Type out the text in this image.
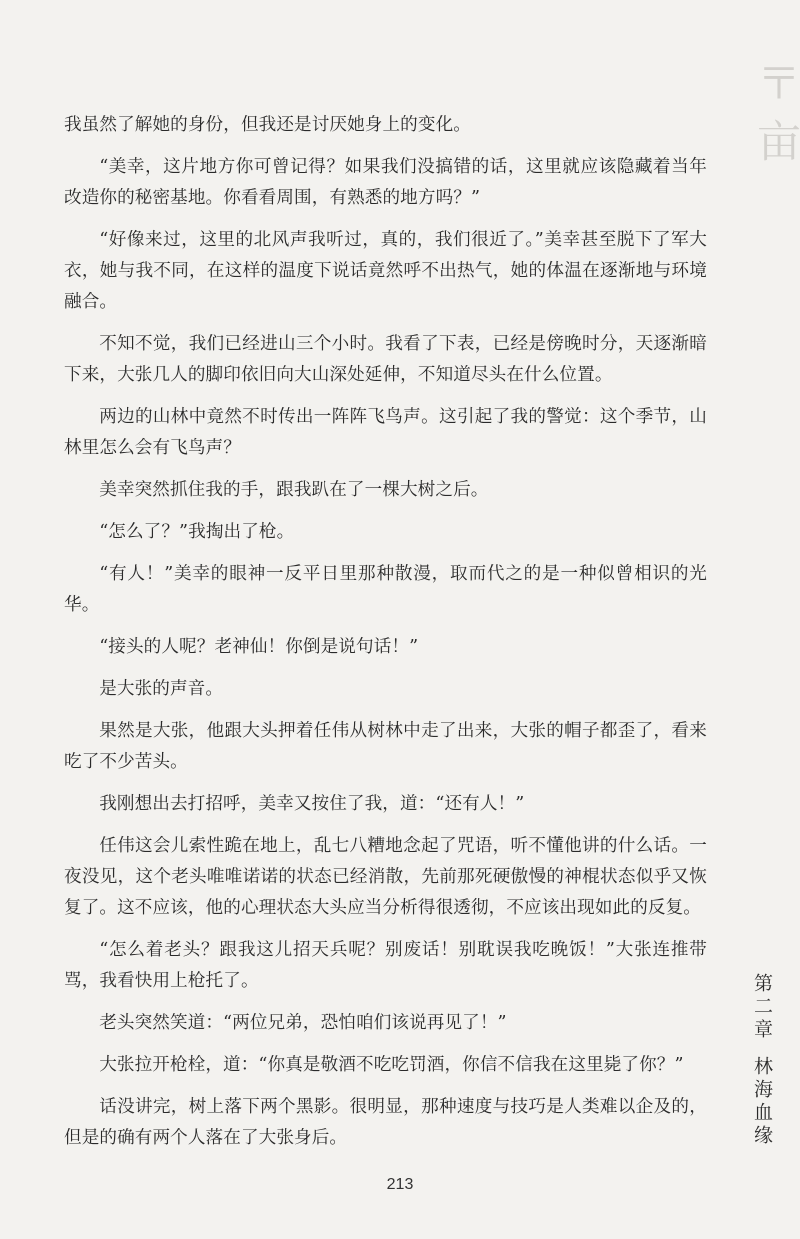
〒 亩

我虽然了解她的身份，但我还是讨厌她身上的变化。

“美幸，这片地方你可曾记得？如果我们没搞错的话，这里就应该隐藏着当年改造你的秘密基地。你看看周围，有熟悉的地方吗？”

“好像来过，这里的北风声我听过，真的，我们很近了。”美幸甚至脱下了军大衣，她与我不同，在这样的温度下说话竟然呼不出热气，她的体温在逐渐地与环境融合。

不知不觉，我们已经进山三个小时。我看了下表，已经是傍晚时分，天逐渐暗下来，大张几人的脚印依旧向大山深处延伸，不知道尽头在什么位置。

两边的山林中竟然不时传出一阵阵飞鸟声。这引起了我的警觉：这个季节，山林里怎么会有飞鸟声？

美幸突然抓住我的手，跟我趴在了一棵大树之后。

“怎么了？”我掏出了枪。

“有人！”美幸的眼神一反平日里那种散漫，取而代之的是一种似曾相识的光华。

“接头的人呢？老神仙！你倒是说句话！”

是大张的声音。

果然是大张，他跟大头押着任伟从树林中走了出来，大张的帽子都歪了，看来吃了不少苦头。

我刚想出去打招呼，美幸又按住了我，道：“还有人！”

任伟这会儿索性跪在地上，乱七八糟地念起了咒语，听不懂他讲的什么话。一夜没见，这个老头唯唯诺诺的状态已经消散，先前那死硬傲慢的神棍状态似乎又恢复了。这不应该，他的心理状态大头应当分析得很透彻，不应该出现如此的反复。

“怎么着老头？跟我这儿招天兵呢？别废话！别耽误我吃晚饭！”大张连推带骂，我看快用上枪托了。

老头突然笑道：“两位兄弟，恐怕咱们该说再见了！”

大张拉开枪栓，道：“你真是敬酒不吃吃罚酒，你信不信我在这里毙了你？”

话没讲完，树上落下两个黑影。很明显，那种速度与技巧是人类难以企及的，但是的确有两个人落在了大张身后。

第二章林海血缘
213
